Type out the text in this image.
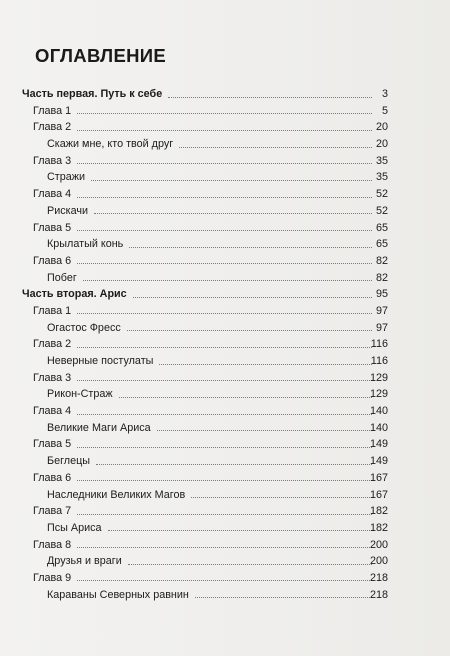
ОГЛАВЛЕНИЕ
Часть первая. Путь к себе	3
Глава 1	5
Глава 2	20
Скажи мне, кто твой друг	20
Глава 3	35
Стражи	35
Глава 4	52
Рискачи	52
Глава 5	65
Крылатый конь	65
Глава 6	82
Побег	82
Часть вторая. Арис	95
Глава 1	97
Огастос Фресс	97
Глава 2	116
Неверные постулаты	116
Глава 3	129
Рикон-Страж	129
Глава 4	140
Великие Маги Ариса	140
Глава 5	149
Беглецы	149
Глава 6	167
Наследники Великих Магов	167
Глава 7	182
Псы Ариса	182
Глава 8	200
Друзья и враги	200
Глава 9	218
Караваны Северных равнин	218
